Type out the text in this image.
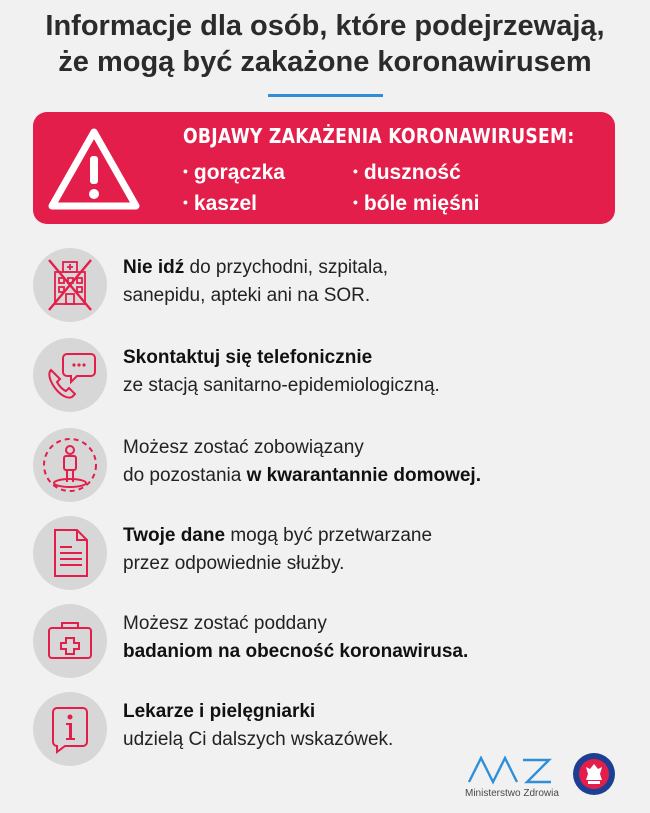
Informacje dla osób, które podejrzewają,
że mogą być zakażone koronawirusem
OBJAWY ZAKAŻENIA KORONAWIRUSEM:
• gorączka	• duszność
• kaszel	• bóle mięśni
Nie idź do przychodni, szpitala,
sanepidu, apteki ani na SOR.
Skontaktuj się telefonicznie
ze stacją sanitarno-epidemiologiczną.
Możesz zostać zobowiązany
do pozostania w kwarantannie domowej.
Twoje dane mogą być przetwarzane
przez odpowiednie służby.
Możesz zostać poddany
badaniom na obecność koronawirusa.
Lekarze i pielęgniarki
udzielą Ci dalszych wskazówek.
Ministerstwo Zdrowia
